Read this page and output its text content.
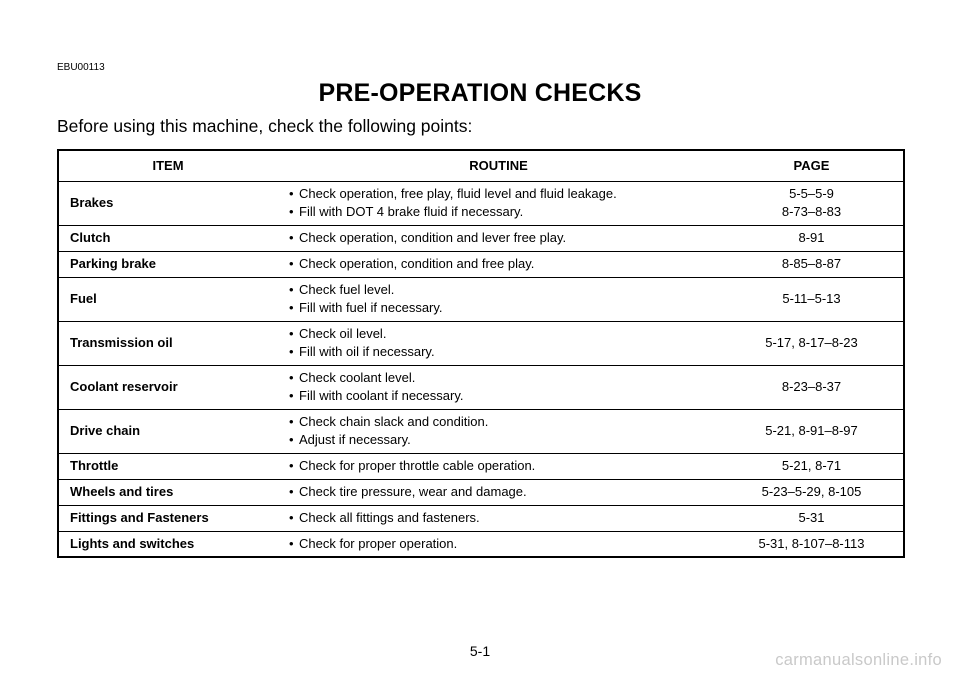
EBU00113
PRE-OPERATION CHECKS

Before using this machine, check the following points:

ITEM	ROUTINE	PAGE
Brakes	• Check operation, free play, fluid level and fluid leakage.
• Fill with DOT 4 brake fluid if necessary.	5-5–5-9
8-73–8-83

Clutch	• Check operation, condition and lever free play.	8-91

Parking brake	• Check operation, condition and free play.	8-85–8-87

Fuel	• Check fuel level.
• Fill with fuel if necessary.	5-11–5-13

Transmission oil	• Check oil level.
• Fill with oil if necessary.	5-17, 8-17–8-23

Coolant reservoir	• Check coolant level.
• Fill with coolant if necessary.	8-23–8-37

Drive chain	• Check chain slack and condition.
• Adjust if necessary.	5-21, 8-91–8-97

Throttle	• Check for proper throttle cable operation.	5-21, 8-71

Wheels and tires	• Check tire pressure, wear and damage.	5-23–5-29, 8-105

Fittings and Fasteners	• Check all fittings and fasteners.	5-31

Lights and switches	• Check for proper operation.	5-31, 8-107–8-113
5-1	carmanualsonline.info
